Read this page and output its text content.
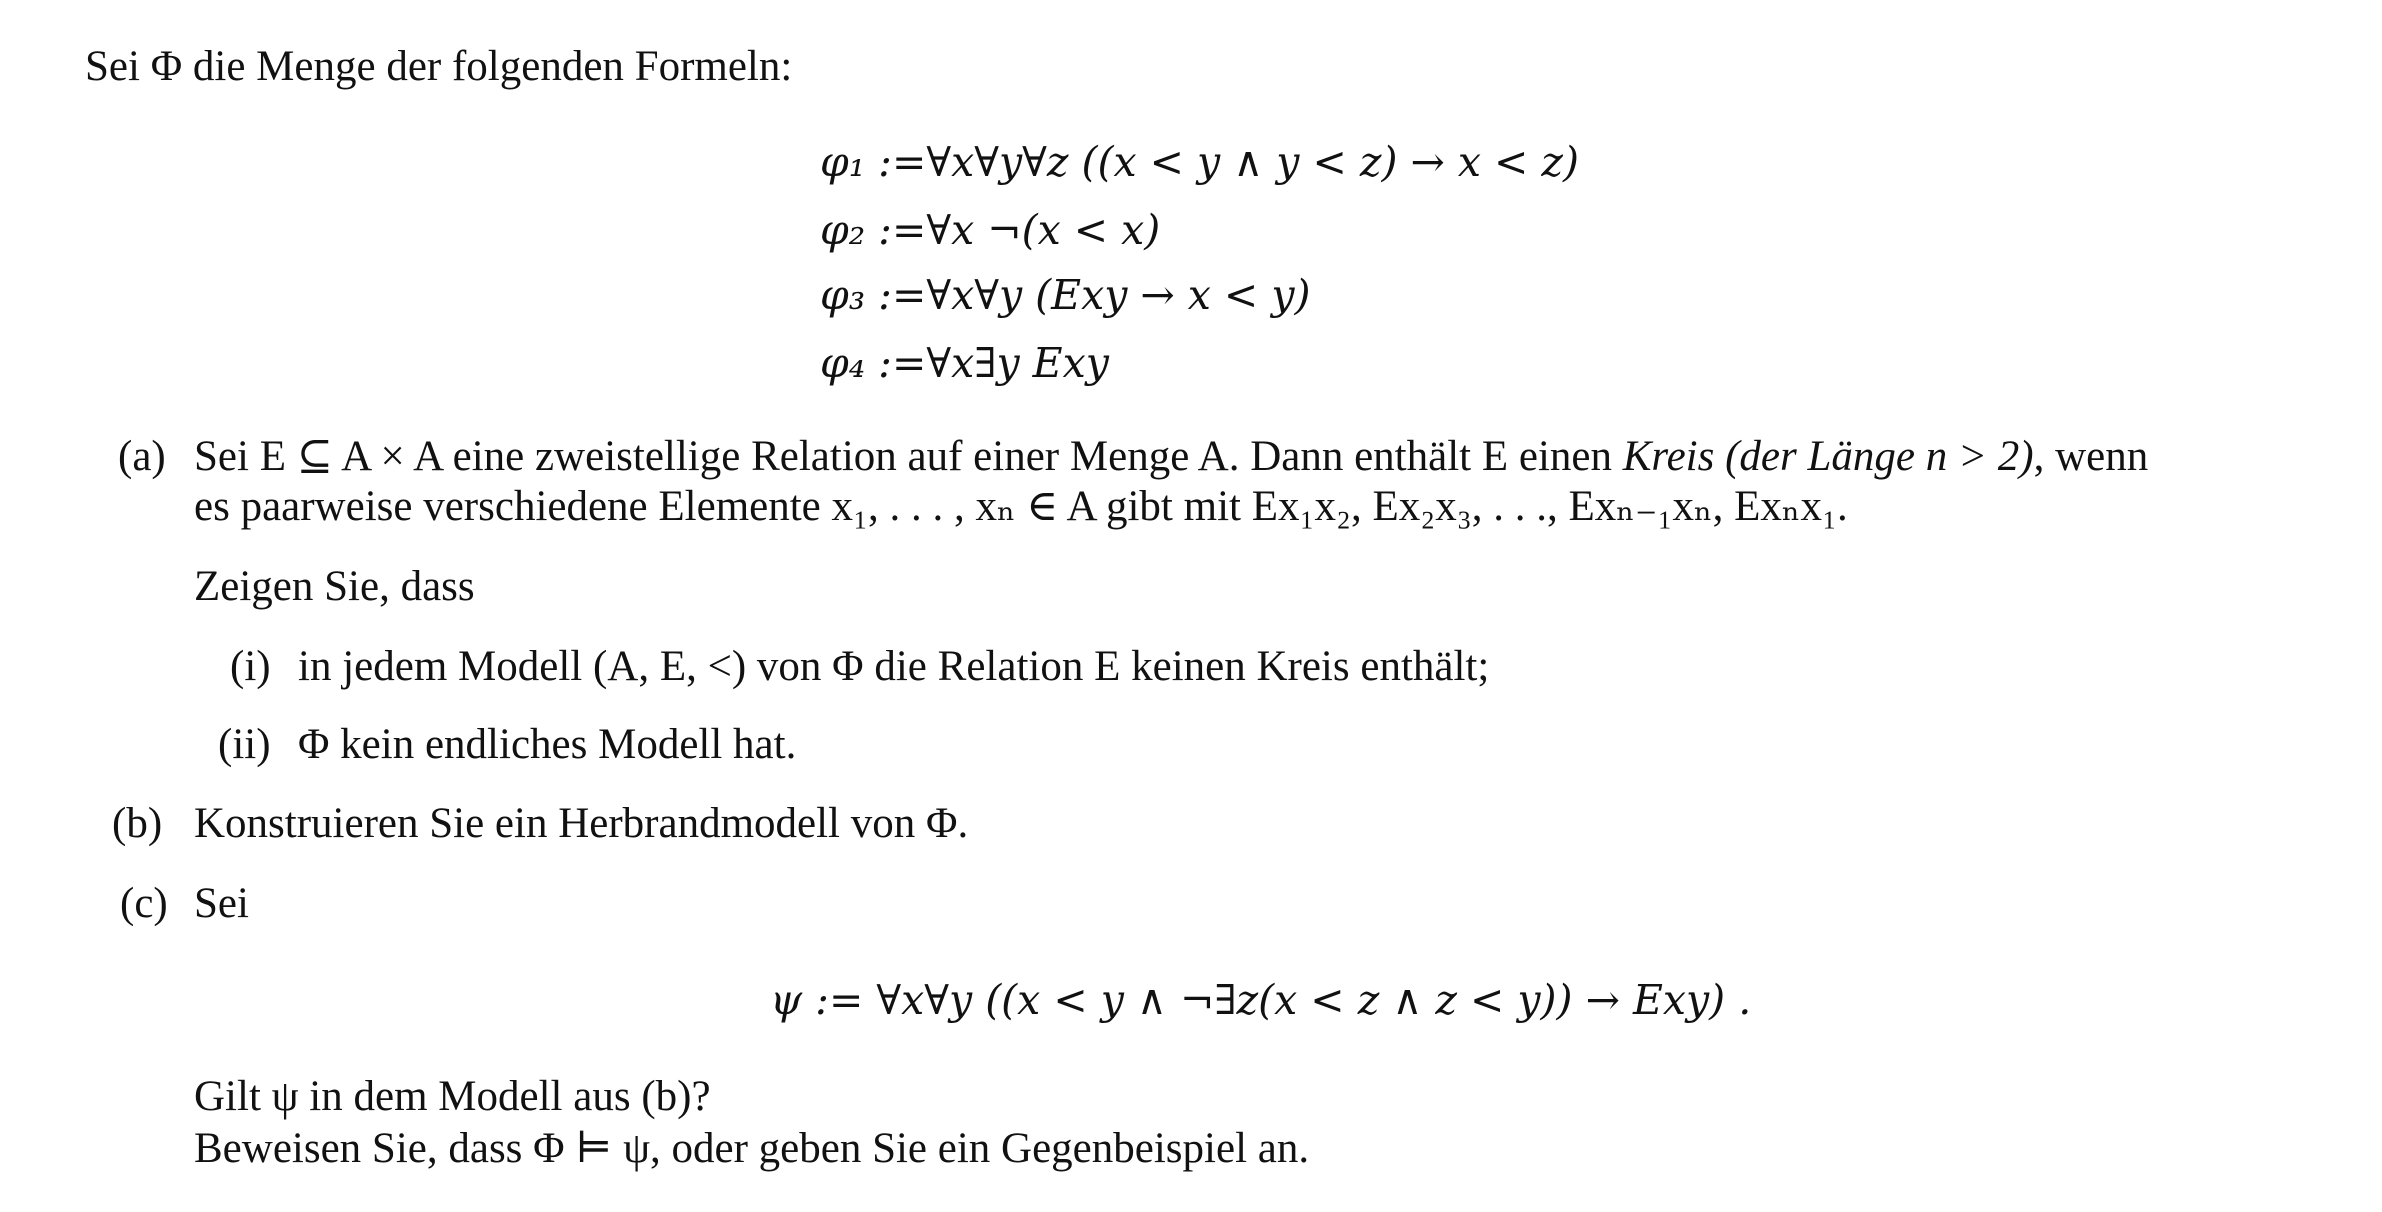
Sei Φ die Menge der folgenden Formeln:
φ₁ :=∀x∀y∀z ((x < y ∧ y < z) → x < z)
φ₂ :=∀x ¬(x < x)
φ₃ :=∀x∀y (Exy → x < y)
φ₄ :=∀x∃y Exy
(a) Sei E ⊆ A × A eine zweistellige Relation auf einer Menge A. Dann enthält E einen Kreis (der Länge n > 2), wenn
es paarweise verschiedene Elemente x₁, . . . , xₙ ∈ A gibt mit Ex₁x₂, Ex₂x₃, . . ., Exₙ₋₁xₙ, Exₙx₁.
Zeigen Sie, dass
(i) in jedem Modell (A, E, <) von Φ die Relation E keinen Kreis enthält;
(ii) Φ kein endliches Modell hat.
(b) Konstruieren Sie ein Herbrandmodell von Φ.
(c) Sei
ψ := ∀x∀y ((x < y ∧ ¬∃z(x < z ∧ z < y)) → Exy) .
Gilt ψ in dem Modell aus (b)?
Beweisen Sie, dass Φ ⊨ ψ, oder geben Sie ein Gegenbeispiel an.
